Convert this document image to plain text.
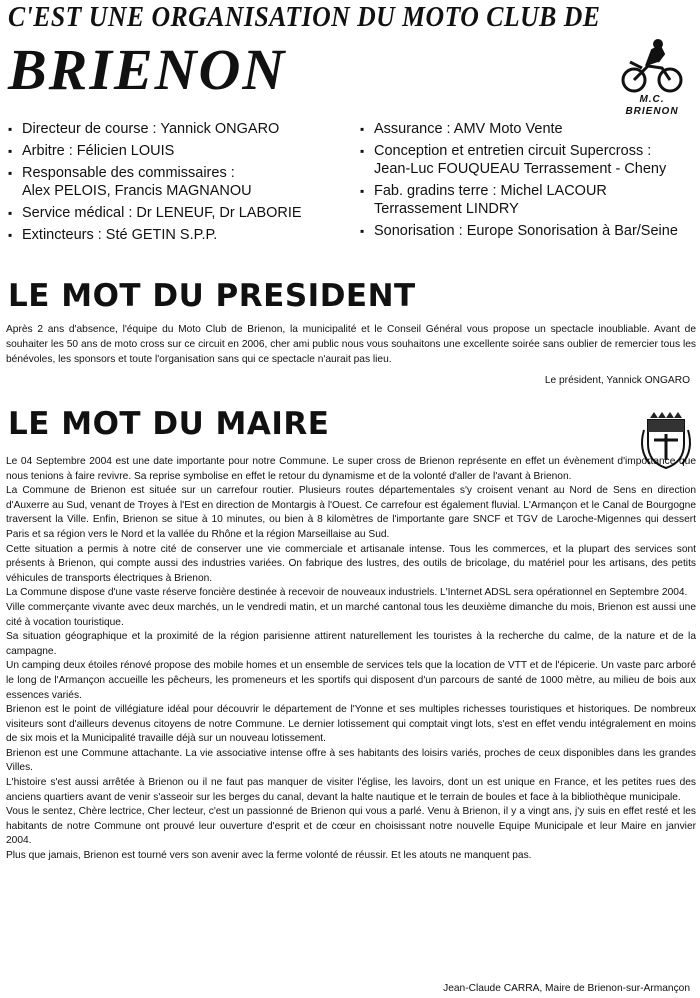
C'EST UNE ORGANISATION DU MOTO CLUB DE
BRIENON	M.C.
BRIENON
▪ Directeur de course : Yannick ONGARO
▪ Arbitre : Félicien LOUIS
▪ Responsable des commissaires :
Alex PELOIS, Francis MAGNANOU
▪ Service médical : Dr LENEUF, Dr LABORIE
▪ Extincteurs : Sté GETIN S.P.P.
▪ Assurance : AMV Moto Vente
▪ Conception et entretien circuit Supercross :
Jean-Luc FOUQUEAU Terrassement - Cheny
▪ Fab. gradins terre : Michel LACOUR
Terrassement LINDRY
▪ Sonorisation : Europe Sonorisation à Bar/Seine
LE MOT DU PRESIDENT

Après 2 ans d'absence, l'équipe du Moto Club de Brienon, la municipalité et le Conseil Général vous propose un spectacle inoubliable. Avant de souhaiter les 50 ans de moto cross sur ce circuit en 2006, cher ami public nous vous souhaitons une excellente soirée sans oublier de remercier tous les bénévoles, les sponsors et toute l'organisation sans qui ce spectacle n'aurait pas lieu.

Le président, Yannick ONGARO
LE MOT DU MAIRE

Le 04 Septembre 2004 est une date importante pour notre Commune. Le super cross de Brienon représente en effet un évènement d'importance que nous tenions à faire revivre. Sa reprise symbolise en effet le retour du dynamisme et de la volonté d'aller de l'avant à Brienon.

La Commune de Brienon est située sur un carrefour routier. Plusieurs routes départementales s'y croisent venant au Nord de Sens en direction d'Auxerre au Sud, venant de Troyes à l'Est en direction de Montargis à l'Ouest. Ce carrefour est également fluvial. L'Armançon et le Canal de Bourgogne traversent la Ville. Enfin, Brienon se situe à 10 minutes, ou bien à 8 kilomètres de l'importante gare SNCF et TGV de Laroche-Migennes qui dessert Paris et sa région vers le Nord et la vallée du Rhône et la région Marseillaise au Sud.

Cette situation a permis à notre cité de conserver une vie commerciale et artisanale intense. Tous les commerces, et la plupart des services sont présents à Brienon, qui compte aussi des industries variées. On fabrique des lustres, des outils de bricolage, du matériel pour les artisans, des petits véhicules de transports électriques à Brienon.

La Commune dispose d'une vaste réserve foncière destinée à recevoir de nouveaux industriels. L'Internet ADSL sera opérationnel en Septembre 2004.

Ville commerçante vivante avec deux marchés, un le vendredi matin, et un marché cantonal tous les deuxième dimanche du mois, Brienon est aussi une cité à vocation touristique.

Sa situation géographique et la proximité de la région parisienne attirent naturellement les touristes à la recherche du calme, de la nature et de la campagne.

Un camping deux étoiles rénové propose des mobile homes et un ensemble de services tels que la location de VTT et de l'épicerie. Un vaste parc arboré le long de l'Armançon accueille les pêcheurs, les promeneurs et les sportifs qui disposent d'un parcours de santé de 1000 mètre, au milieu de bois aux essences variés.

Brienon est le point de villégiature idéal pour découvrir le département de l'Yonne et ses multiples richesses touristiques et historiques. De nombreux visiteurs sont d'ailleurs devenus citoyens de notre Commune. Le dernier lotissement qui comptait vingt lots, s'est en effet vendu intégralement en moins de six mois et la Municipalité travaille déjà sur un nouveau lotissement.

Brienon est une Commune attachante. La vie associative intense offre à ses habitants des loisirs variés, proches de ceux disponibles dans les grandes Villes.

L'histoire s'est aussi arrêtée à Brienon ou il ne faut pas manquer de visiter l'église, les lavoirs, dont un est unique en France, et les petites rues des anciens quartiers avant de venir s'asseoir sur les berges du canal, devant la halte nautique et le terrain de boules et face à la bibliothèque municipale.

Vous le sentez, Chère lectrice, Cher lecteur, c'est un passionné de Brienon qui vous a parlé. Venu à Brienon, il y a vingt ans, j'y suis en effet resté et les habitants de notre Commune ont prouvé leur ouverture d'esprit et de cœur en choisissant notre nouvelle Equipe Municipale et leur Maire en janvier 2004.

Plus que jamais, Brienon est tourné vers son avenir avec la ferme volonté de réussir. Et les atouts ne manquent pas.

Jean-Claude CARRA, Maire de Brienon-sur-Armançon
